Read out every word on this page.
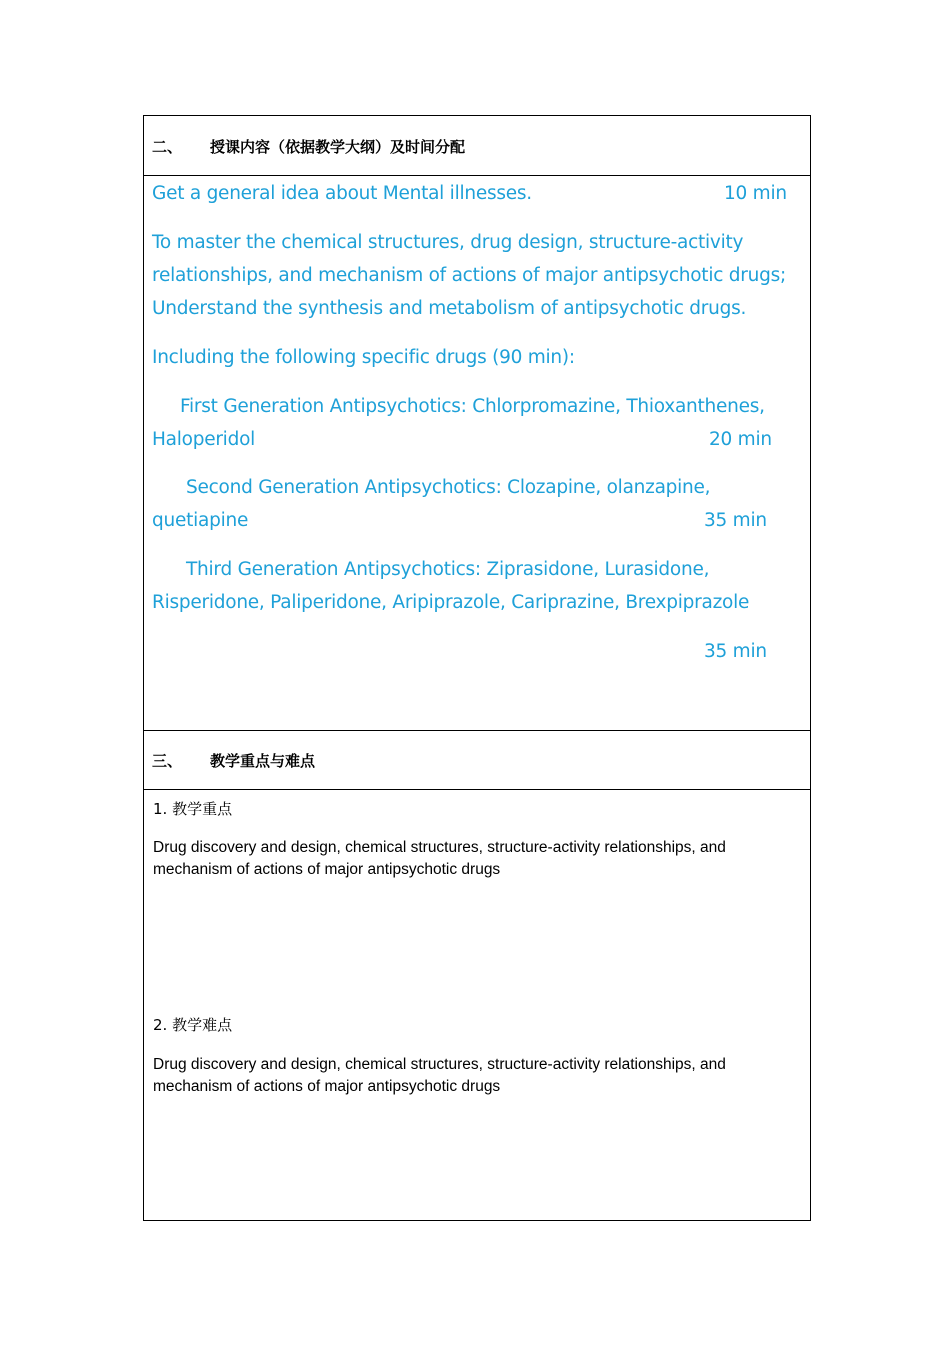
二、 授课内容（依据教学大纲）及时间分配
Get a general idea about Mental illnesses.	10 min
To master the chemical structures, drug design, structure-activity
relationships, and mechanism of actions of major antipsychotic drugs;
Understand the synthesis and metabolism of antipsychotic drugs.
Including the following specific drugs (90 min):
First Generation Antipsychotics: Chlorpromazine, Thioxanthenes,
Haloperidol	20 min
Second Generation Antipsychotics: Clozapine, olanzapine,
quetiapine	35 min
Third Generation Antipsychotics: Ziprasidone, Lurasidone,
Risperidone, Paliperidone, Aripiprazole, Cariprazine, Brexpiprazole
35 min
三、 教学重点与难点
1. 教学重点
Drug discovery and design, chemical structures, structure-activity relationships, and mechanism of actions of major antipsychotic drugs
2. 教学难点
Drug discovery and design, chemical structures, structure-activity relationships, and mechanism of actions of major antipsychotic drugs
